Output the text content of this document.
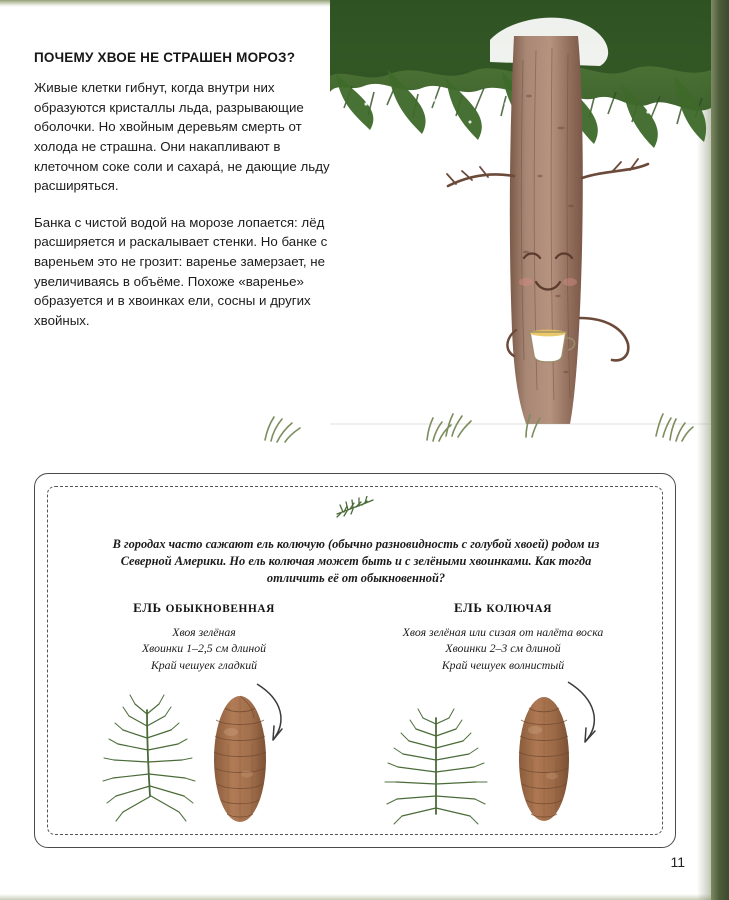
ПОЧЕМУ ХВОЕ НЕ СТРАШЕН МОРОЗ?

Живые клетки гибнут, когда внутри них образуются кристаллы льда, разрывающие оболочки. Но хвойным деревьям смерть от холода не страшна. Они накапливают в клеточном соке соли и сахара́, не дающие льду расширяться.

Банка с чистой водой на морозе лопается: лёд расширяется и раскалывает стенки. Но банке с вареньем это не грозит: варенье замерзает, не увеличиваясь в объёме. Похоже «варенье» образуется и в хвоинках ели, сосны и других хвойных.

В городах часто сажают ель колючую (обычно разновидность с голубой хвоей) родом из Северной Америки. Но ель колючая может быть и с зелёными хвоинками. Как тогда отличить её от обыкновенной?
ЕЛЬ ОБЫКНОВЕННАЯ
Хвоя зелёная
Хвоинки 1–2,5 см длиной
Край чешуек гладкий
ЕЛЬ КОЛЮЧАЯ
Хвоя зелёная или сизая от налёта воска
Хвоинки 2–3 см длиной
Край чешуек волнистый
11
